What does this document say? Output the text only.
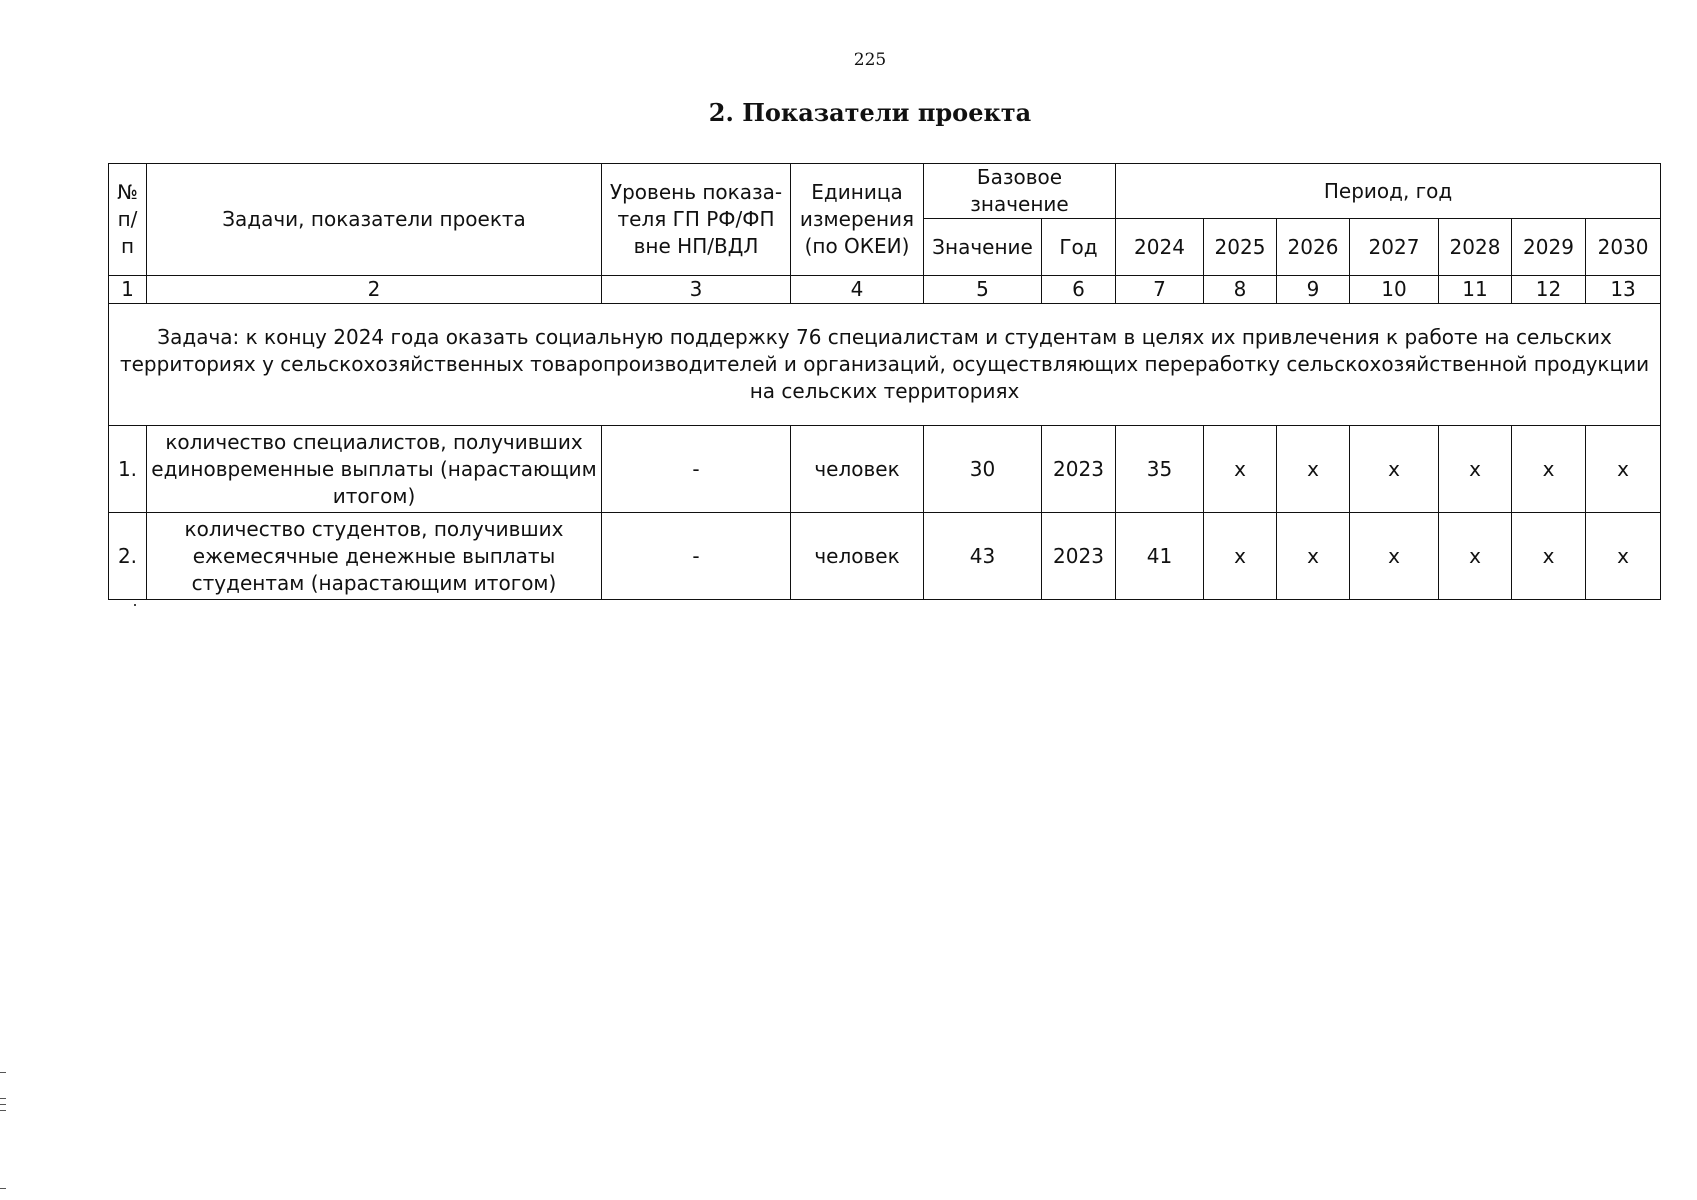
225
2. Показатели проекта
№ п/п	Задачи, показатели проекта	Уровень показа-теля ГП РФ/ФП вне НП/ВДЛ	Единица измерения (по ОКЕИ)	Базовое значение		Период, год						
				Значение	Год	2024	2025	2026	2027	2028	2029	2030
1	2	3	4	5	6	7	8	9	10	11	12	13
Задача: к концу 2024 года оказать социальную поддержку 76 специалистам и студентам в целях их привлечения к работе на сельских территориях у сельскохозяйственных товаропроизводителей и организаций, осуществляющих переработку сельскохозяйственной продукции на сельских территориях												
1.	количество специалистов, получивших единовременные выплаты (нарастающим итогом)	-	человек	30	2023	35	x	x	x	x	x	x
2.	количество студентов, получивших ежемесячные денежные выплаты студентам (нарастающим итогом)	-	человек	43	2023	41	x	x	x	x	x	x
